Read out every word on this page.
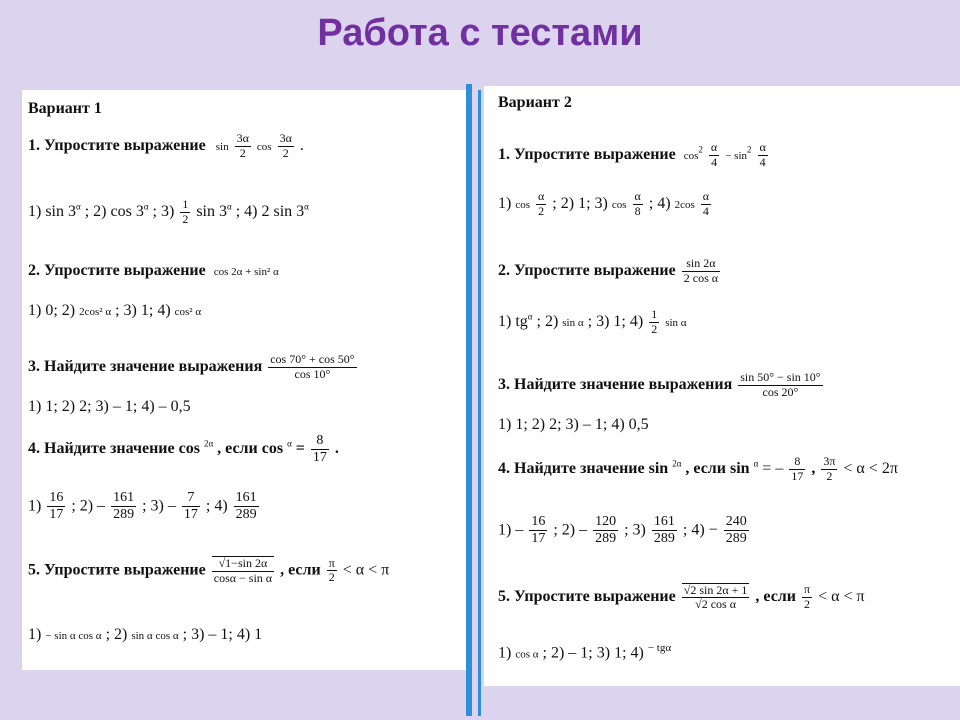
Работа с тестами
Вариант 1
1. Упростите выражение $\sin \frac{3\alpha}{2}$ $\cos \frac{3\alpha}{2}$ .
1) $\sin 3^\alpha$ ; 2) $\cos 3^\alpha$ ; $3) \frac{1}{2}$ $\sin 3^\alpha$ ; 4) 2 $\sin 3^\alpha$
2. Упростите выражение cos 2α + sin² α
1) 0; 2) 2cos² α ; 3) 1; 4) cos² α
3. Найдите значение выражения $\frac{\cos 70^\circ + \cos 50^\circ}{\cos 10^\circ}$
1) 1; 2) 2; 3) – 1; 4) – 0,5
4. Найдите значение cos $^{2\alpha}$ , если $\cos ^\alpha = \frac{8}{17}$ .
$1) \frac{16}{17}$ ; $2) - \frac{161}{289}$ ; $3) - \frac{7}{17}$ ; $4) \frac{161}{289}$
5. Упростите выражение $\frac{√1-\sin 2\alpha}{\text{cosα − sin α}}$ , если $\frac{\pi}{2} < \alpha < \pi$
1) − sin α cos α ; 2) sin α cos α ; 3) – 1; 4) 1
Вариант 2
1. Упростите выражение $\cos^2 \frac{\alpha}{4} - \sin^2 \frac{\alpha}{4}$
1) $\cos \frac{\alpha}{2}$ ; 2) 1; 3) $\cos \frac{\alpha}{8}$ ; 4) $2\cos \frac{\alpha}{4}$
2. Упростите выражение $\frac{\sin 2\alpha}{\text{2 cos α}}$
1) $tg^\alpha$ ; 2) sin α ; 3) 1; $4) \frac{1}{2}$ sin α
3. Найдите значение выражения $\frac{\sin 50^\circ - \sin 10^\circ}{\cos 20^\circ}$
1) 1; 2) 2; 3) – 1; 4) 0,5
4. Найдите значение sin $^{2\alpha}$ , если sin $^\alpha$ = – $\frac{8}{17}$ , $\frac{3\pi}{2} < \alpha < 2\pi$
$1) - \frac{16}{17}$ ; $2) - \frac{120}{289}$ ; $3) \frac{161}{289}$ ; $4) - \frac{240}{289}$
5. Упростите выражение $\frac{√2 \sin 2\alpha + 1}{\text{√2 cos α}}$ , если $\frac{\pi}{2} < \alpha < \pi$
1) cos α ; 2) – 1; 3) 1; 4) $^{- tg\alpha}$
